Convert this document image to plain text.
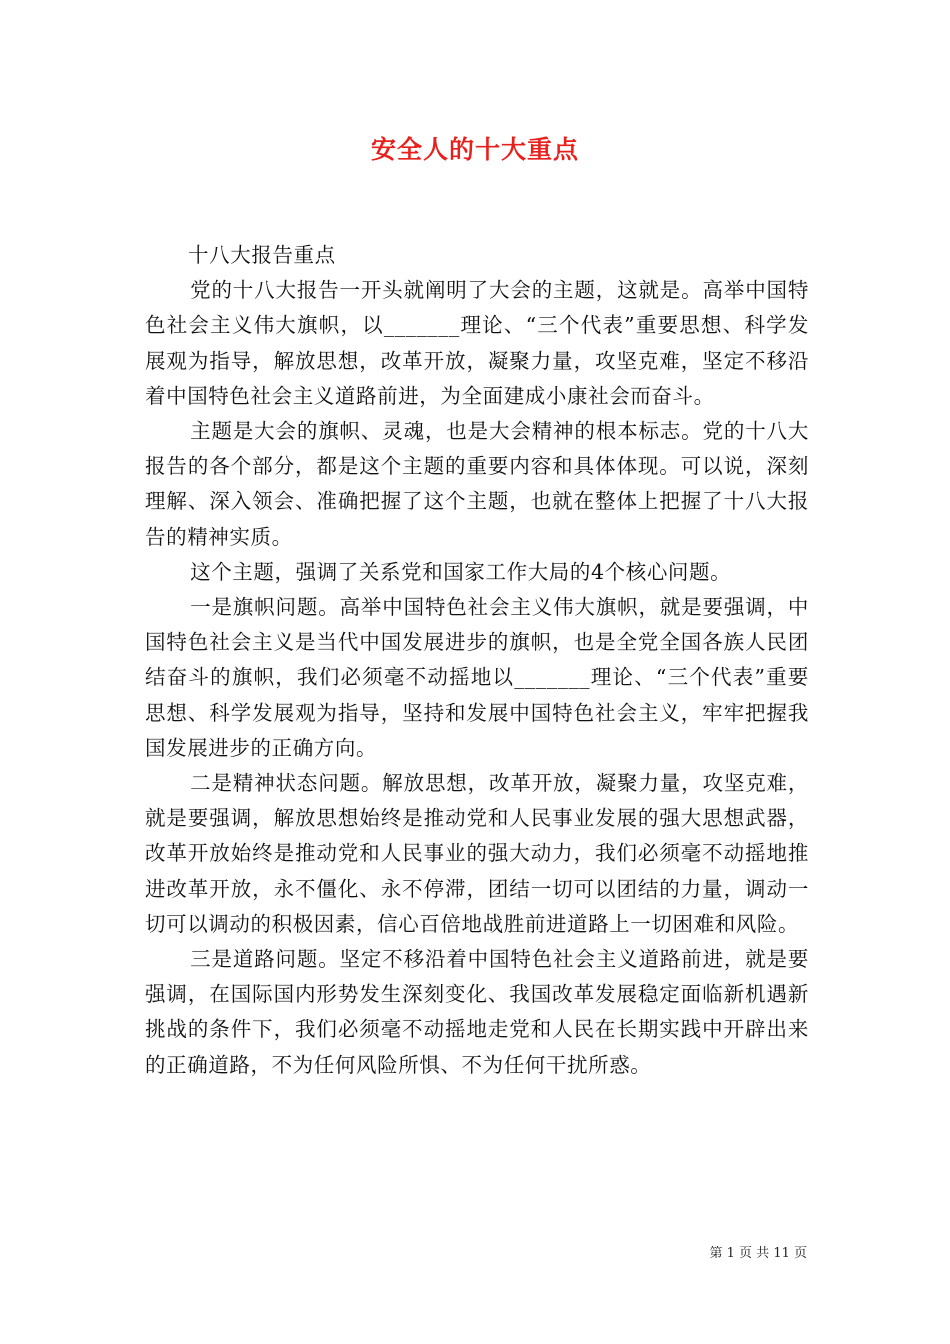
安全人的十大重点

十八大报告重点

党的十八大报告一开头就阐明了大会的主题，这就是。高举中国特色社会主义伟大旗帜，以_______理论、“三个代表”重要思想、科学发展观为指导，解放思想，改革开放，凝聚力量，攻坚克难，坚定不移沿着中国特色社会主义道路前进，为全面建成小康社会而奋斗。

主题是大会的旗帜、灵魂，也是大会精神的根本标志。党的十八大报告的各个部分，都是这个主题的重要内容和具体体现。可以说，深刻理解、深入领会、准确把握了这个主题，也就在整体上把握了十八大报告的精神实质。

这个主题，强调了关系党和国家工作大局的4个核心问题。

一是旗帜问题。高举中国特色社会主义伟大旗帜，就是要强调，中国特色社会主义是当代中国发展进步的旗帜，也是全党全国各族人民团结奋斗的旗帜，我们必须毫不动摇地以_______理论、“三个代表”重要思想、科学发展观为指导，坚持和发展中国特色社会主义，牢牢把握我国发展进步的正确方向。

二是精神状态问题。解放思想，改革开放，凝聚力量，攻坚克难，就是要强调，解放思想始终是推动党和人民事业发展的强大思想武器，改革开放始终是推动党和人民事业的强大动力，我们必须毫不动摇地推进改革开放，永不僵化、永不停滞，团结一切可以团结的力量，调动一切可以调动的积极因素，信心百倍地战胜前进道路上一切困难和风险。

三是道路问题。坚定不移沿着中国特色社会主义道路前进，就是要强调，在国际国内形势发生深刻变化、我国改革发展稳定面临新机遇新挑战的条件下，我们必须毫不动摇地走党和人民在长期实践中开辟出来的正确道路，不为任何风险所惧、不为任何干扰所惑。

第 1 页 共 11 页
